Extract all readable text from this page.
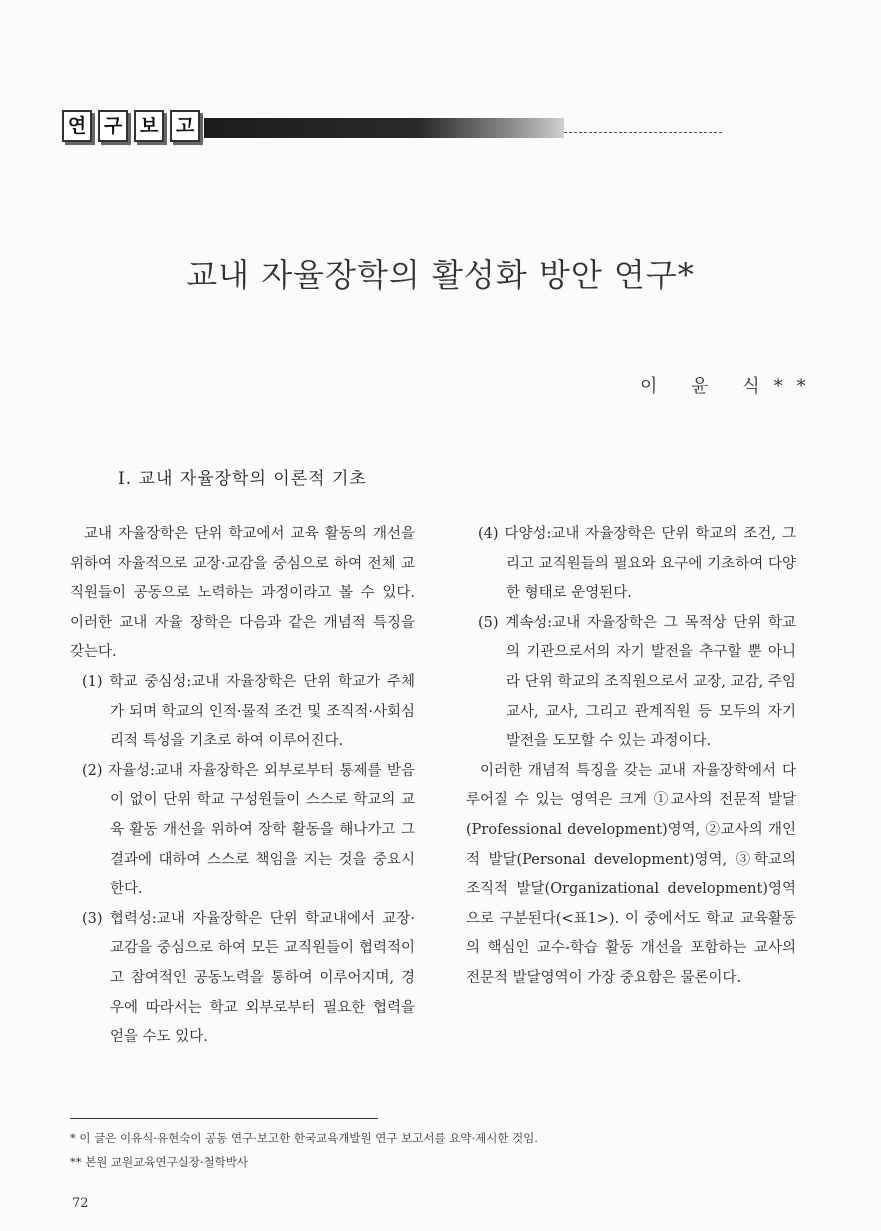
연 구 보 고
교내 자율장학의 활성화 방안 연구*
이 윤 식**
I. 교내 자율장학의 이론적 기초

교내 자율장학은 단위 학교에서 교육 활동의 개선을 위하여 자율적으로 교장·교감을 중심으로 하여 전체 교직원들이 공동으로 노력하는 과정이라고 볼 수 있다. 이러한 교내 자율 장학은 다음과 같은 개념적 특징을 갖는다.

(1) 학교 중심성:교내 자율장학은 단위 학교가 주체가 되며 학교의 인적·물적 조건 및 조직적·사회심리적 특성을 기초로 하여 이루어진다.

(2) 자율성:교내 자율장학은 외부로부터 통제를 받음이 없이 단위 학교 구성원들이 스스로 학교의 교육 활동 개선을 위하여 장학 활동을 해나가고 그 결과에 대하여 스스로 책임을 지는 것을 중요시 한다.

(3) 협력성:교내 자율장학은 단위 학교내에서 교장·교감을 중심으로 하여 모든 교직원들이 협력적이고 참여적인 공동노력을 통하여 이루어지며, 경우에 따라서는 학교 외부로부터 필요한 협력을 얻을 수도 있다.

(4) 다양성:교내 자율장학은 단위 학교의 조건, 그리고 교직원들의 필요와 요구에 기초하여 다양한 형태로 운영된다.

(5) 계속성:교내 자율장학은 그 목적상 단위 학교의 기관으로서의 자기 발전을 추구할 뿐 아니라 단위 학교의 조직원으로서 교장, 교감, 주임교사, 교사, 그리고 관계직원 등 모두의 자기 발전을 도모할 수 있는 과정이다.

이러한 개념적 특징을 갖는 교내 자율장학에서 다루어질 수 있는 영역은 크게 ①교사의 전문적 발달(Professional development)영역, ②교사의 개인적 발달(Personal development)영역, ③학교의 조직적 발달(Organizational development)영역으로 구분된다(<표1>). 이 중에서도 학교 교육활동의 핵심인 교수-학습 활동 개선을 포함하는 교사의 전문적 발달영역이 가장 중요함은 물론이다.

* 이 글은 이유식·유현숙이 공동 연구·보고한 한국교육개발원 연구 보고서를 요약·제시한 것임.
** 본원 교원교육연구실장·철학박사
72
